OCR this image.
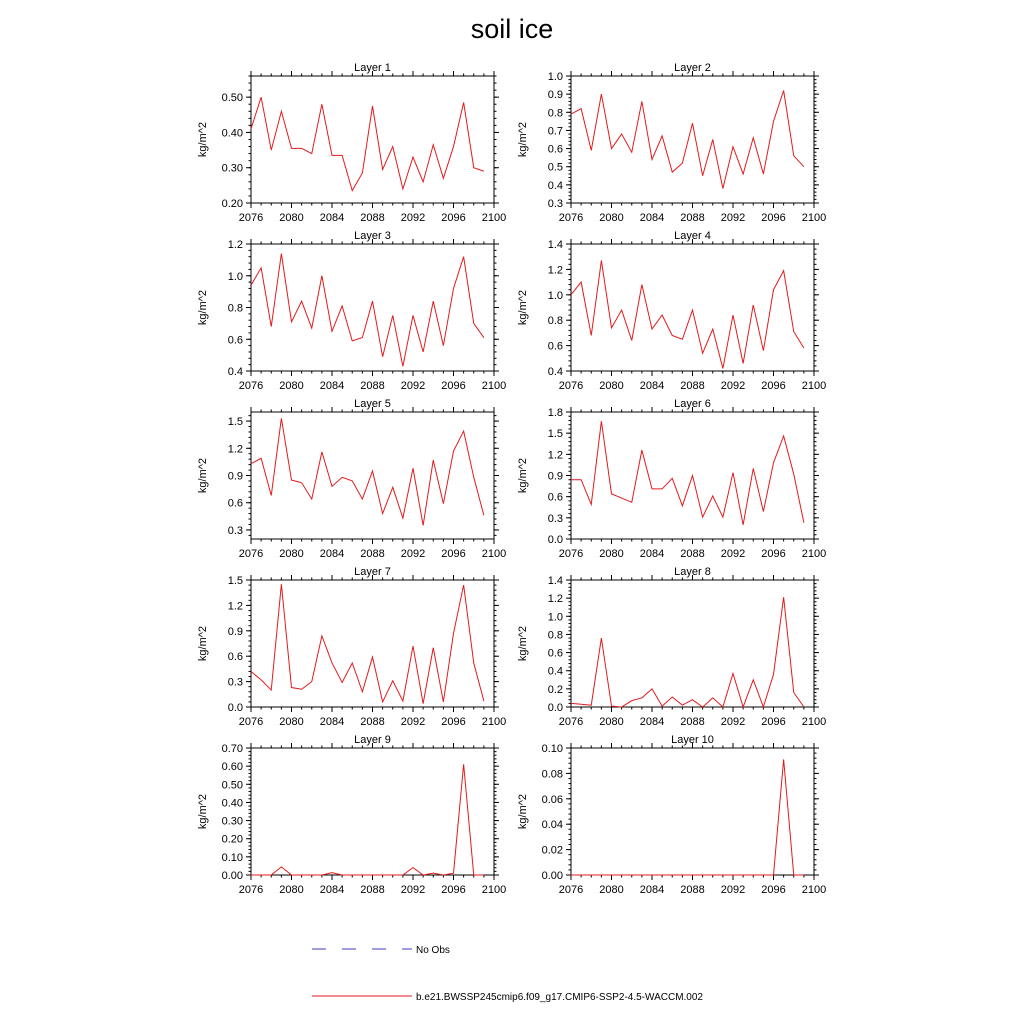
soil ice
Layer 1
kg/m^2
2076 2080 2084 2088 2092 2096 2100
0.20
0.30
0.40
0.50
Layer 2
kg/m^2
2076 2080 2084 2088 2092 2096 2100
0.3
0.4
0.5
0.6
0.7
0.8
0.9
1.0
Layer 3
kg/m^2
2076 2080 2084 2088 2092 2096 2100
0.4
0.6
0.8
1.0
1.2
Layer 4
kg/m^2
2076 2080 2084 2088 2092 2096 2100
0.4
0.6
0.8
1.0
1.2
1.4
Layer 5
kg/m^2
2076 2080 2084 2088 2092 2096 2100
0.3
0.6
0.9
1.2
1.5
Layer 6
kg/m^2
2076 2080 2084 2088 2092 2096 2100
0.0
0.3
0.6
0.9
1.2
1.5
1.8
Layer 7
kg/m^2
2076 2080 2084 2088 2092 2096 2100
0.0
0.3
0.6
0.9
1.2
1.5
Layer 8
kg/m^2
2076 2080 2084 2088 2092 2096 2100
0.0
0.2
0.4
0.6
0.8
1.0
1.2
1.4
Layer 9
kg/m^2
2076 2080 2084 2088 2092 2096 2100
0.00
0.10
0.20
0.30
0.40
0.50
0.60
0.70
Layer 10
kg/m^2
2076 2080 2084 2088 2092 2096 2100
0.00
0.02
0.04
0.06
0.08
0.10
No Obs
b.e21.BWSSP245cmip6.f09_g17.CMIP6-SSP2-4.5-WACCM.002
